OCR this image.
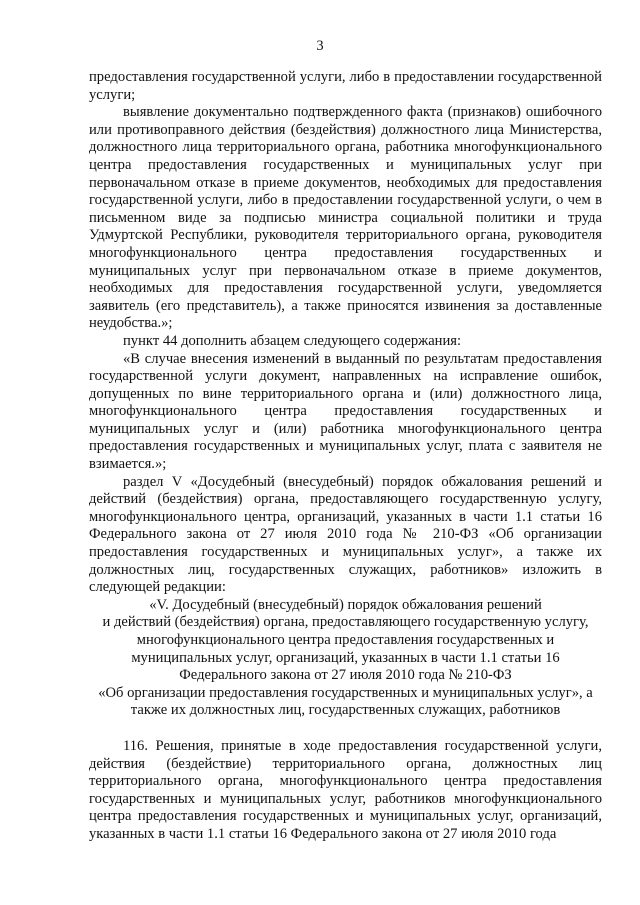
3

предоставления государственной услуги, либо в предоставлении государственной услуги;

выявление документально подтвержденного факта (признаков) ошибочного или противоправного действия (бездействия) должностного лица Министерства, должностного лица территориального органа, работника многофункционального центра предоставления государственных и муниципальных услуг при первоначальном отказе в приеме документов, необходимых для предоставления государственной услуги, либо в предоставлении государственной услуги, о чем в письменном виде за подписью министра социальной политики и труда Удмуртской Республики, руководителя территориального органа, руководителя многофункционального центра предоставления государственных и муниципальных услуг при первоначальном отказе в приеме документов, необходимых для предоставления государственной услуги, уведомляется заявитель (его представитель), а также приносятся извинения за доставленные неудобства.»;

пункт 44 дополнить абзацем следующего содержания:

«В случае внесения изменений в выданный по результатам предоставления государственной услуги документ, направленных на исправление ошибок, допущенных по вине территориального органа и (или) должностного лица, многофункционального центра предоставления государственных и муниципальных услуг и (или) работника многофункционального центра предоставления государственных и муниципальных услуг, плата с заявителя не взимается.»;

раздел V «Досудебный (внесудебный) порядок обжалования решений и действий (бездействия) органа, предоставляющего государственную услугу, многофункционального центра, организаций, указанных в части 1.1 статьи 16 Федерального закона от 27 июля 2010 года № 210-ФЗ «Об организации предоставления государственных и муниципальных услуг», а также их должностных лиц, государственных служащих, работников» изложить в следующей редакции:

«V. Досудебный (внесудебный) порядок обжалования решений
и действий (бездействия) органа, предоставляющего государственную услугу,
многофункционального центра предоставления государственных и
муниципальных услуг, организаций, указанных в части 1.1 статьи 16
Федерального закона от 27 июля 2010 года № 210-ФЗ
«Об организации предоставления государственных и муниципальных услуг», а
также их должностных лиц, государственных служащих, работников

116. Решения, принятые в ходе предоставления государственной услуги, действия (бездействие) территориального органа, должностных лиц территориального органа, многофункционального центра предоставления государственных и муниципальных услуг, работников многофункционального центра предоставления государственных и муниципальных услуг, организаций, указанных в части 1.1 статьи 16 Федерального закона от 27 июля 2010 года
